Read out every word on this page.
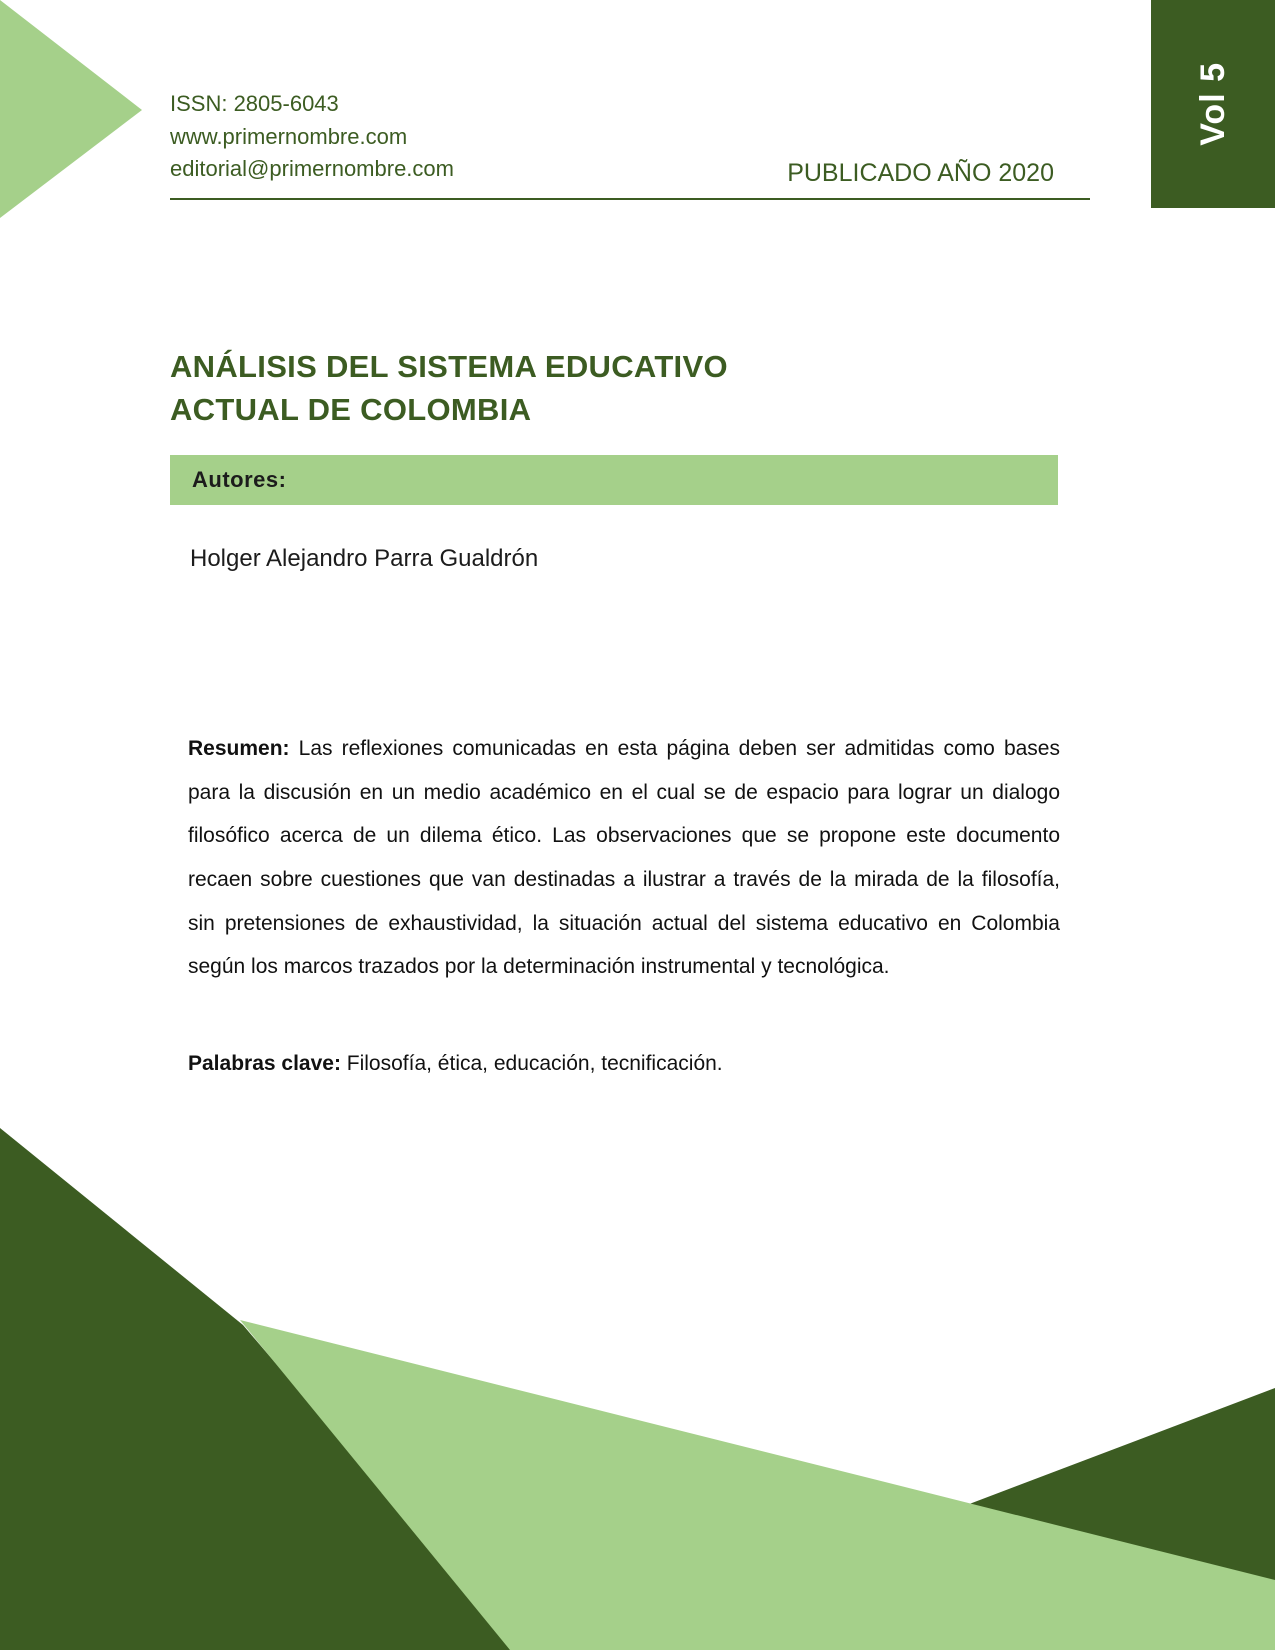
Vol 5
ISSN: 2805-6043
www.primernombre.com
editorial@primernombre.com	PUBLICADO AÑO 2020
ANÁLISIS DEL SISTEMA EDUCATIVO
ACTUAL DE COLOMBIA
Autores:
Holger Alejandro Parra Gualdrón

Resumen: Las reflexiones comunicadas en esta página deben ser admitidas como bases para la discusión en un medio académico en el cual se de espacio para lograr un dialogo filosófico acerca de un dilema ético. Las observaciones que se propone este documento recaen sobre cuestiones que van destinadas a ilustrar a través de la mirada de la filosofía, sin pretensiones de exhaustividad, la situación actual del sistema educativo en Colombia según los marcos trazados por la determinación instrumental y tecnológica.

Palabras clave: Filosofía, ética, educación, tecnificación.
